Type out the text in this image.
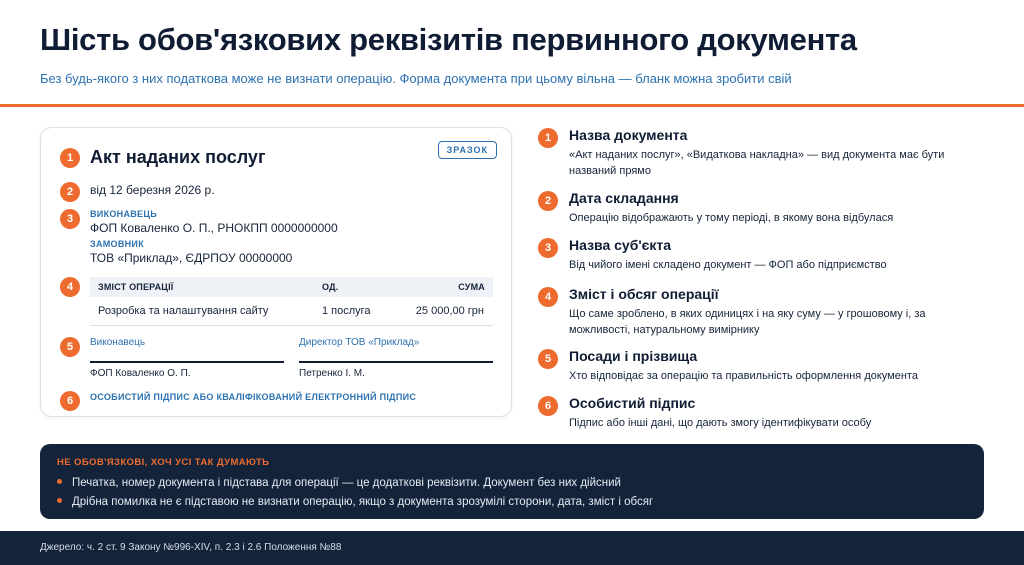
Шість обов'язкових реквізитів первинного документа
Без будь-якого з них податкова може не визнати операцію. Форма документа при цьому вільна — бланк можна зробити свій
1 Акт наданих послуг	ЗРАЗОК
2	від 12 березня 2026 р.
3	ВИКОНАВЕЦЬ
ФОП Коваленко О. П., РНОКПП 0000000000
ЗАМОВНИК
ТОВ «Приклад», ЄДРПОУ 00000000
4	ЗМІСТ ОПЕРАЦІЇ	ОД.	СУМА
Розробка та налаштування сайту	1 послуга	25 000,00 грн
5	Виконавець
ФОП Коваленко О. П.
Директор ТОВ «Приклад»
Петренко І. М.
6	ОСОБИСТИЙ ПІДПИС АБО КВАЛІФІКОВАНИЙ ЕЛЕКТРОННИЙ ПІДПИС
1	Назва документа
«Акт наданих послуг», «Видаткова накладна» — вид документа має бути названий прямо
2	Дата складання
Операцію відображають у тому періоді, в якому вона відбулася
3	Назва суб'єкта
Від чийого імені складено документ — ФОП або підприємство
4	Зміст і обсяг операції
Що саме зроблено, в яких одиницях і на яку суму — у грошовому і, за можливості, натуральному вимірнику
5	Посади і прізвища
Хто відповідає за операцію та правильність оформлення документа
6	Особистий підпис
Підпис або інші дані, що дають змогу ідентифікувати особу
НЕ ОБОВ'ЯЗКОВІ, ХОЧ УСІ ТАК ДУМАЮТЬ
Печатка, номер документа і підстава для операції — це додаткові реквізити. Документ без них дійсний
Дрібна помилка не є підставою не визнати операцію, якщо з документа зрозумілі сторони, дата, зміст і обсяг
Джерело: ч. 2 ст. 9 Закону №996-XIV, п. 2.3 і 2.6 Положення №88
